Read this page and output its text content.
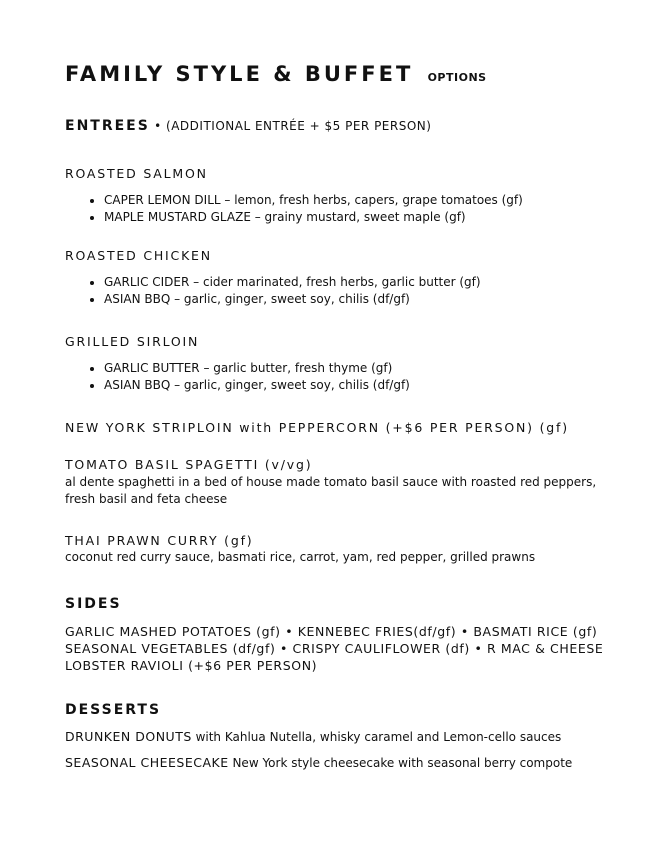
FAMILY STYLE & BUFFET OPTIONS
ENTREES • (ADDITIONAL ENTRÉE + $5 PER PERSON)
ROASTED SALMON
• CAPER LEMON DILL – lemon, fresh herbs, capers, grape tomatoes (gf)
• MAPLE MUSTARD GLAZE – grainy mustard, sweet maple (gf)
ROASTED CHICKEN
• GARLIC CIDER – cider marinated, fresh herbs, garlic butter (gf)
• ASIAN BBQ – garlic, ginger, sweet soy, chilis (df/gf)
GRILLED SIRLOIN
• GARLIC BUTTER – garlic butter, fresh thyme (gf)
• ASIAN BBQ – garlic, ginger, sweet soy, chilis (df/gf)
NEW YORK STRIPLOIN with PEPPERCORN (+$6 PER PERSON) (gf)
TOMATO BASIL SPAGETTI (v/vg)
al dente spaghetti in a bed of house made tomato basil sauce with roasted red peppers, fresh basil and feta cheese
THAI PRAWN CURRY (gf)
coconut red curry sauce, basmati rice, carrot, yam, red pepper, grilled prawns
SIDES
GARLIC MASHED POTATOES (gf) • KENNEBEC FRIES(df/gf) • BASMATI RICE (gf)
SEASONAL VEGETABLES (df/gf) • CRISPY CAULIFLOWER (df) • R MAC & CHEESE
LOBSTER RAVIOLI (+$6 PER PERSON)
DESSERTS
DRUNKEN DONUTS with Kahlua Nutella, whisky caramel and Lemon-cello sauces
SEASONAL CHEESECAKE New York style cheesecake with seasonal berry compote
